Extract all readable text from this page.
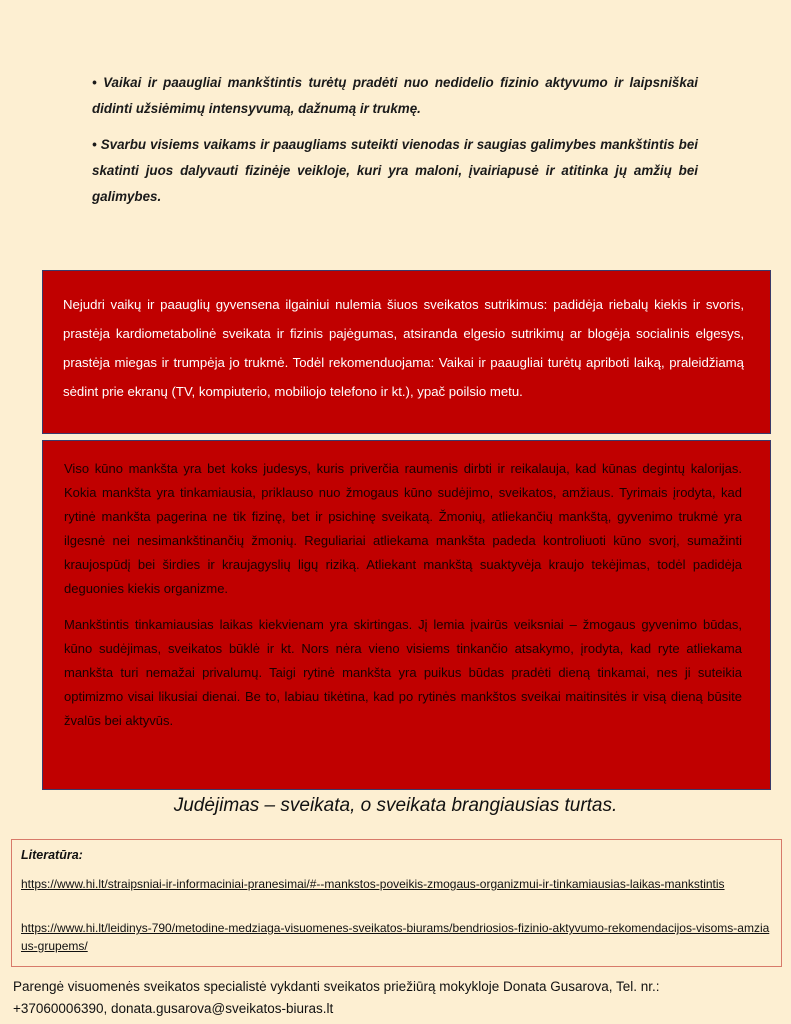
• Vaikai ir paaugliai mankštintis turėtų pradėti nuo nedidelio fizinio aktyvumo ir laipsniškai didinti užsiėmimų intensyvumą, dažnumą ir trukmę.

• Svarbu visiems vaikams ir paaugliams suteikti vienodas ir saugias galimybes mankštintis bei skatinti juos dalyvauti fizinėje veikloje, kuri yra maloni, įvairiapusė ir atitinka jų amžių bei galimybes.

Nejudri vaikų ir paauglių gyvensena ilgainiui nulemia šiuos sveikatos sutrikimus: padidėja riebalų kiekis ir svoris, prastėja kardiometabolinė sveikata ir fizinis pajėgumas, atsiranda elgesio sutrikimų ar blogėja socialinis elgesys, prastėja miegas ir trumpėja jo trukmė. Todėl rekomenduojama: Vaikai ir paaugliai turėtų apriboti laiką, praleidžiamą sėdint prie ekranų (TV, kompiuterio, mobiliojo telefono ir kt.), ypač poilsio metu.

Viso kūno mankšta yra bet koks judesys, kuris priverčia raumenis dirbti ir reikalauja, kad kūnas degintų kalorijas. Kokia mankšta yra tinkamiausia, priklauso nuo žmogaus kūno sudėjimo, sveikatos, amžiaus. Tyrimais įrodyta, kad rytinė mankšta pagerina ne tik fizinę, bet ir psichinę sveikatą. Žmonių, atliekančių mankštą, gyvenimo trukmė yra ilgesnė nei nesimankštinančių žmonių. Reguliariai atliekama mankšta padeda kontroliuoti kūno svorį, sumažinti kraujospūdį bei širdies ir kraujagyslių ligų riziką. Atliekant mankštą suaktyvėja kraujo tekėjimas, todėl padidėja deguonies kiekis organizme.

Mankštintis tinkamiausias laikas kiekvienam yra skirtingas. Jį lemia įvairūs veiksniai – žmogaus gyvenimo būdas, kūno sudėjimas, sveikatos būklė ir kt. Nors nėra vieno visiems tinkančio atsakymo, įrodyta, kad ryte atliekama mankšta turi nemažai privalumų. Taigi rytinė mankšta yra puikus būdas pradėti dieną tinkamai, nes ji suteikia optimizmo visai likusiai dienai. Be to, labiau tikėtina, kad po rytinės mankštos sveikai maitinsitės ir visą dieną būsite žvalūs bei aktyvūs.

Judėjimas – sveikata, o sveikata brangiausias turtas.
Literatūra:
https://www.hi.lt/straipsniai-ir-informaciniai-pranesimai/#--mankstos-poveikis-zmogaus-organizmui-ir-tinkamiausias-laikas-mankstintis
https://www.hi.lt/leidinys-790/metodine-medziaga-visuomenes-sveikatos-biurams/bendriosios-fizinio-aktyvumo-rekomendacijos-visoms-amziaus-grupems/
Parengė visuomenės sveikatos specialistė vykdanti sveikatos priežiūrą mokykloje Donata Gusarova, Tel. nr.:
+37060006390, donata.gusarova@sveikatos-biuras.lt
